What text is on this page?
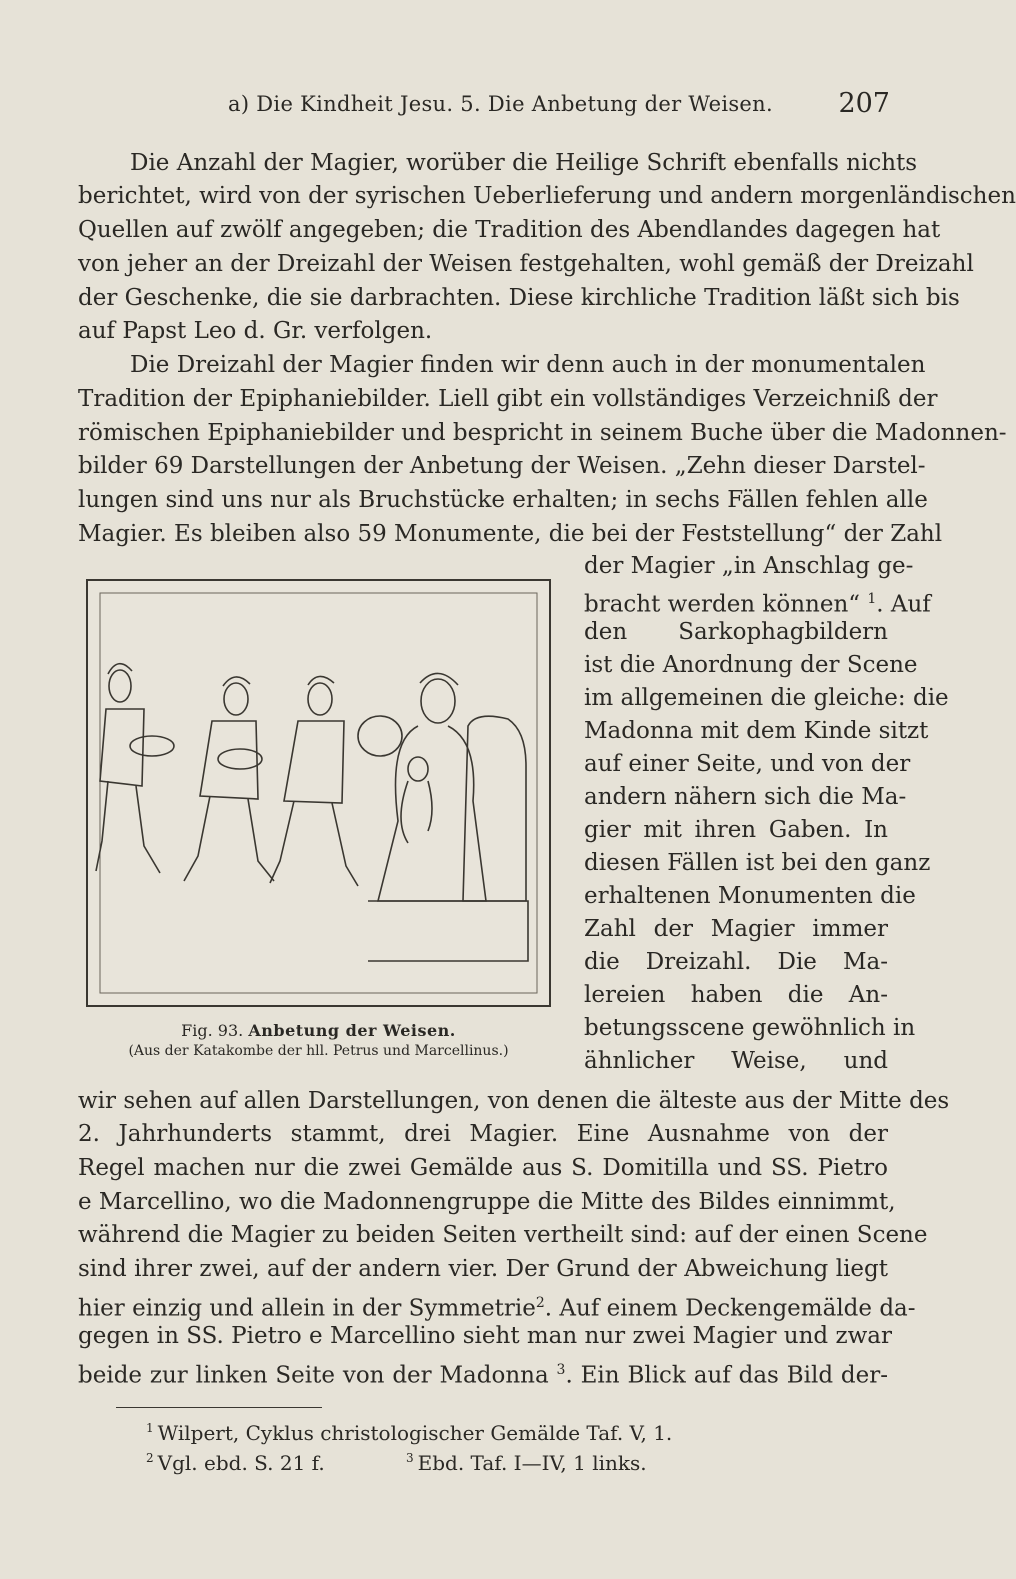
a) Die Kindheit Jesu. 5. Die Anbetung der Weisen. 207
Die Anzahl der Magier, worüber die Heilige Schrift ebenfalls nichts
berichtet, wird von der syrischen Ueberlieferung und andern morgenländischen
Quellen auf zwölf angegeben; die Tradition des Abendlandes dagegen hat
von jeher an der Dreizahl der Weisen festgehalten, wohl gemäß der Dreizahl
der Geschenke, die sie darbrachten. Diese kirchliche Tradition läßt sich bis
auf Papst Leo d. Gr. verfolgen.
Die Dreizahl der Magier finden wir denn auch in der monumentalen
Tradition der Epiphaniebilder. Liell gibt ein vollständiges Verzeichniß der
römischen Epiphaniebilder und bespricht in seinem Buche über die Madonnen-
bilder 69 Darstellungen der Anbetung der Weisen. „Zehn dieser Darstel-
lungen sind uns nur als Bruchstücke erhalten; in sechs Fällen fehlen alle
Magier. Es bleiben also 59 Monumente, die bei der Feststellung“ der Zahl
Fig. 93. Anbetung der Weisen.
(Aus der Katakombe der hll. Petrus und Marcellinus.)
der Magier „in Anschlag ge-
bracht werden können“ $^1$. Auf
den Sarkophagbildern
ist die Anordnung der Scene
im allgemeinen die gleiche: die
Madonna mit dem Kinde sitzt
auf einer Seite, und von der
andern nähern sich die Ma-
gier mit ihren Gaben. In
diesen Fällen ist bei den ganz
erhaltenen Monumenten die
Zahl der Magier immer
die Dreizahl. Die Ma-
lereien haben die An-
betungsscene gewöhnlich in
ähnlicher Weise, und
wir sehen auf allen Darstellungen, von denen die älteste aus der Mitte des
2. Jahrhunderts stammt, drei Magier. Eine Ausnahme von der
Regel machen nur die zwei Gemälde aus S. Domitilla und SS. Pietro
e Marcellino, wo die Madonnengruppe die Mitte des Bildes einnimmt,
während die Magier zu beiden Seiten vertheilt sind: auf der einen Scene
sind ihrer zwei, auf der andern vier. Der Grund der Abweichung liegt
hier einzig und allein in der Symmetrie$^2$. Auf einem Deckengemälde da-
gegen in SS. Pietro e Marcellino sieht man nur zwei Magier und zwar
beide zur linken Seite von der Madonna $^3$. Ein Blick auf das Bild der-
$^1$ Wilpert, Cyklus christologischer Gemälde Taf. V, 1.
$^2$ Vgl. ebd. S. 21 f.	$^3$ Ebd. Taf. I—IV, 1 links.
